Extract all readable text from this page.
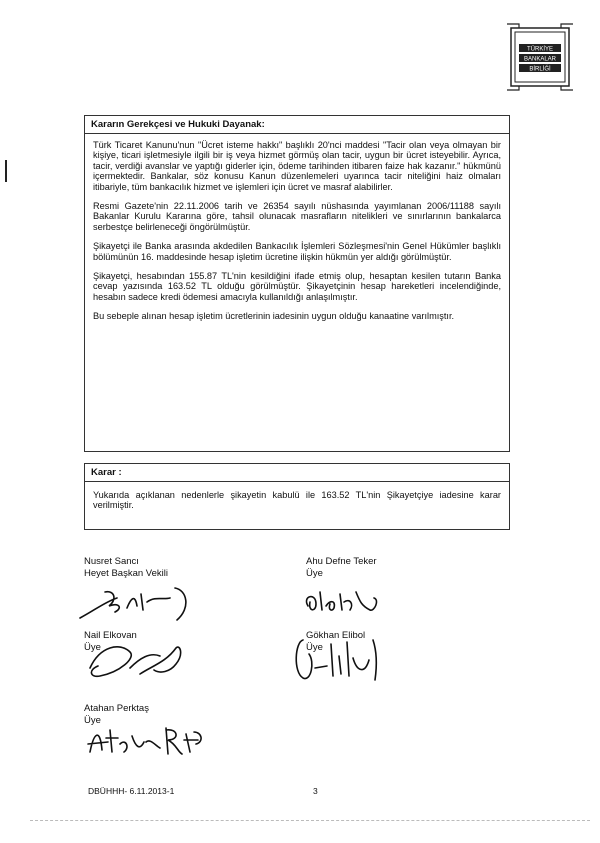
TÜRKİYE
BANKALAR
BİRLİĞİ
Kararın Gerekçesi ve Hukuki Dayanak:

Türk Ticaret Kanunu'nun "Ücret isteme hakkı" başlıklı 20'nci maddesi "Tacir olan veya olmayan bir kişiye, ticari işletmesiyle ilgili bir iş veya hizmet görmüş olan tacir, uygun bir ücret isteyebilir. Ayrıca, tacir, verdiği avanslar ve yaptığı giderler için, ödeme tarihinden itibaren faize hak kazanır." hükmünü içermektedir. Bankalar, söz konusu Kanun düzenlemeleri uyarınca tacir niteliğini haiz olmaları itibariyle, tüm bankacılık hizmet ve işlemleri için ücret ve masraf alabilirler.

Resmi Gazete'nin 22.11.2006 tarih ve 26354 sayılı nüshasında yayımlanan 2006/11188 sayılı Bakanlar Kurulu Kararına göre, tahsil olunacak masrafların nitelikleri ve sınırlarının bankalarca serbestçe belirleneceği öngörülmüştür.

Şikayetçi ile Banka arasında akdedilen Bankacılık İşlemleri Sözleşmesi'nin Genel Hükümler başlıklı bölümünün 16. maddesinde hesap işletim ücretine ilişkin hükmün yer aldığı görülmüştür.

Şikayetçi, hesabından 155.87 TL'nin kesildiğini ifade etmiş olup, hesaptan kesilen tutarın Banka cevap yazısında 163.52 TL olduğu görülmüştür. Şikayetçinin hesap hareketleri incelendiğinde, hesabın sadece kredi ödemesi amacıyla kullanıldığı anlaşılmıştır.

Bu sebeple alınan hesap işletim ücretlerinin iadesinin uygun olduğu kanaatine varılmıştır.

Karar :

Yukarıda açıklanan nedenlerle şikayetin kabulü ile 163.52 TL'nin Şikayetçiye iadesine karar verilmiştir.

Nusret Sancı
Heyet Başkan Vekili
Ahu Defne Teker
Üye
Nail Elkovan
Üye
Gökhan Elibol
Üye
Atahan Perktaş
Üye
DBÜHHH- 6.11.2013-1	3
